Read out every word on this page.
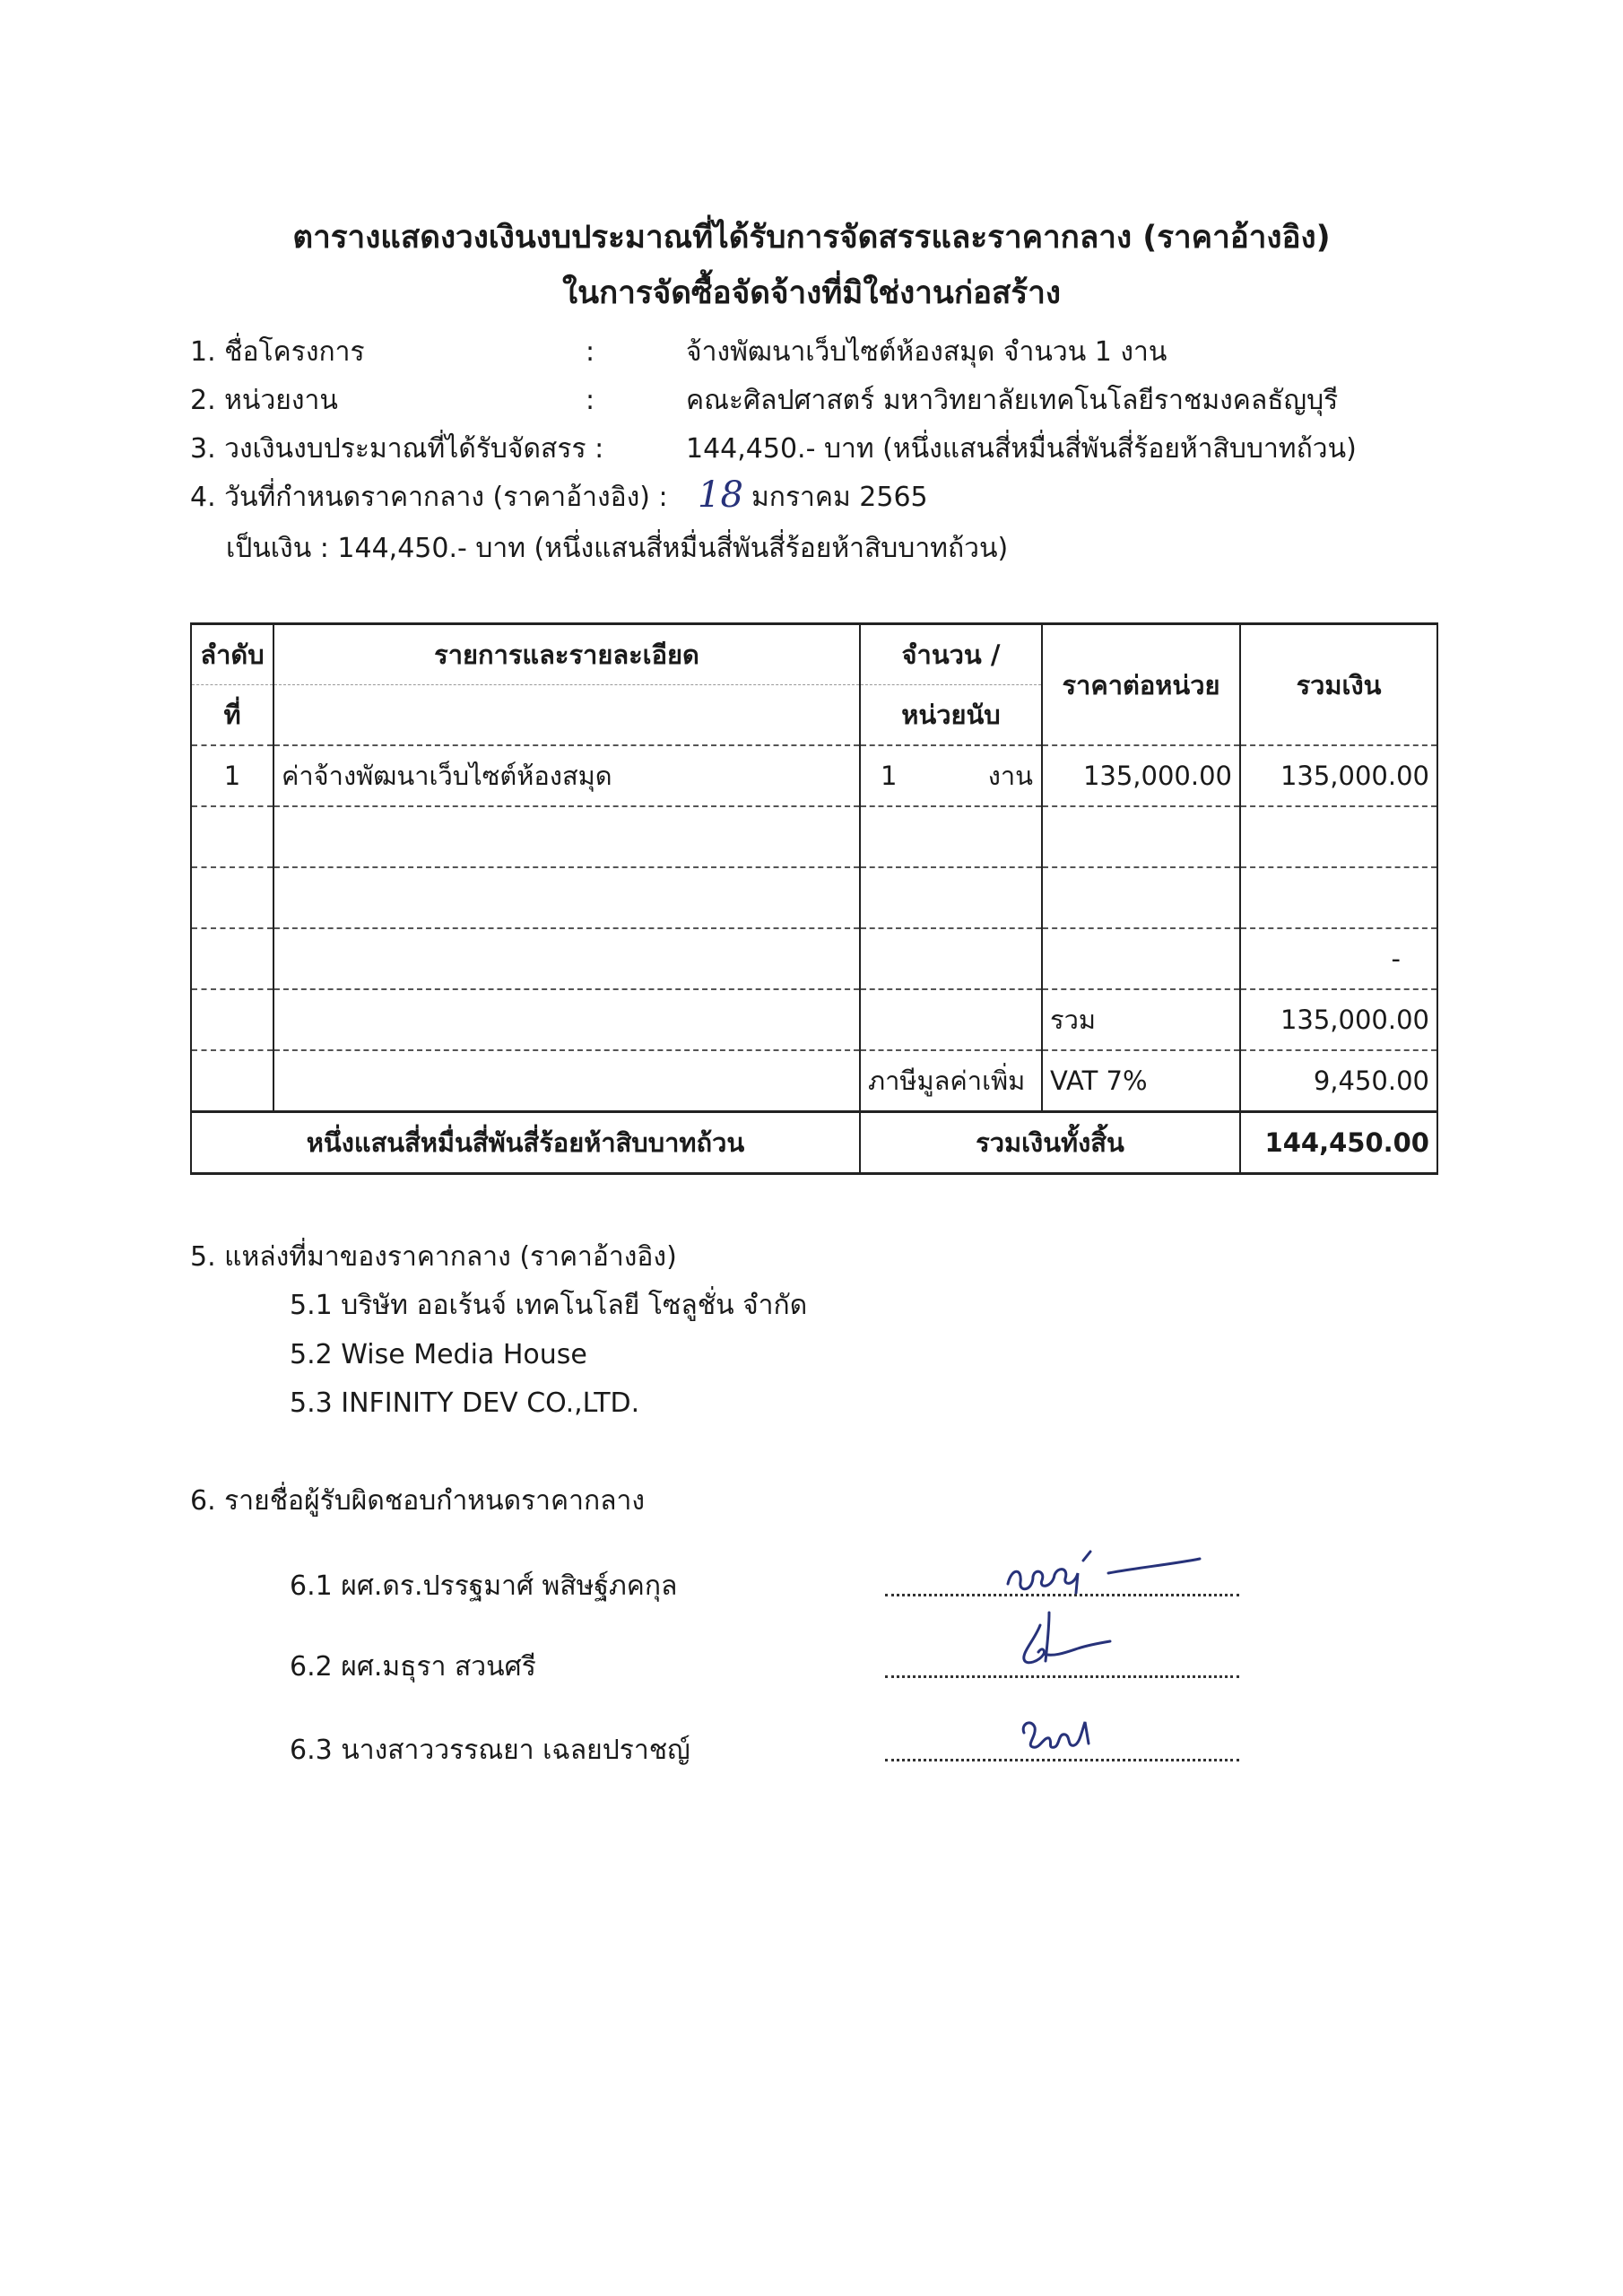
ตารางแสดงวงเงินงบประมาณที่ได้รับการจัดสรรและราคากลาง (ราคาอ้างอิง)
ในการจัดซื้อจัดจ้างที่มิใช่งานก่อสร้าง
1. ชื่อโครงการ	:	จ้างพัฒนาเว็บไซต์ห้องสมุด จำนวน 1 งาน
2. หน่วยงาน	:	คณะศิลปศาสตร์ มหาวิทยาลัยเทคโนโลยีราชมงคลธัญบุรี
3. วงเงินงบประมาณที่ได้รับจัดสรร :	144,450.- บาท (หนึ่งแสนสี่หมื่นสี่พันสี่ร้อยห้าสิบบาทถ้วน)
4. วันที่กำหนดราคากลาง (ราคาอ้างอิง) : 18 มกราคม 2565
เป็นเงิน : 144,450.- บาท (หนึ่งแสนสี่หมื่นสี่พันสี่ร้อยห้าสิบบาทถ้วน)
ลำดับ	รายการและรายละเอียด	จำนวน /	ราคาต่อหน่วย	รวมเงิน
ที่		หน่วยนับ		
1	ค่าจ้างพัฒนาเว็บไซต์ห้องสมุด	1 งาน	135,000.00	135,000.00

				-
			รวม	135,000.00
		ภาษีมูลค่าเพิ่ม	VAT 7%	9,450.00
หนึ่งแสนสี่หมื่นสี่พันสี่ร้อยห้าสิบบาทถ้วน		รวมเงินทั้งสิ้น		144,450.00
5. แหล่งที่มาของราคากลาง (ราคาอ้างอิง)
5.1 บริษัท ออเร้นจ์ เทคโนโลยี โซลูชั่น จำกัด
5.2 Wise Media House
5.3 INFINITY DEV CO.,LTD.
6. รายชื่อผู้รับผิดชอบกำหนดราคากลาง
6.1 ผศ.ดร.ปรรฐมาศ์ พสิษฐ์ภคกุล
6.2 ผศ.มธุรา สวนศรี
6.3 นางสาววรรณยา เฉลยปราชญ์
